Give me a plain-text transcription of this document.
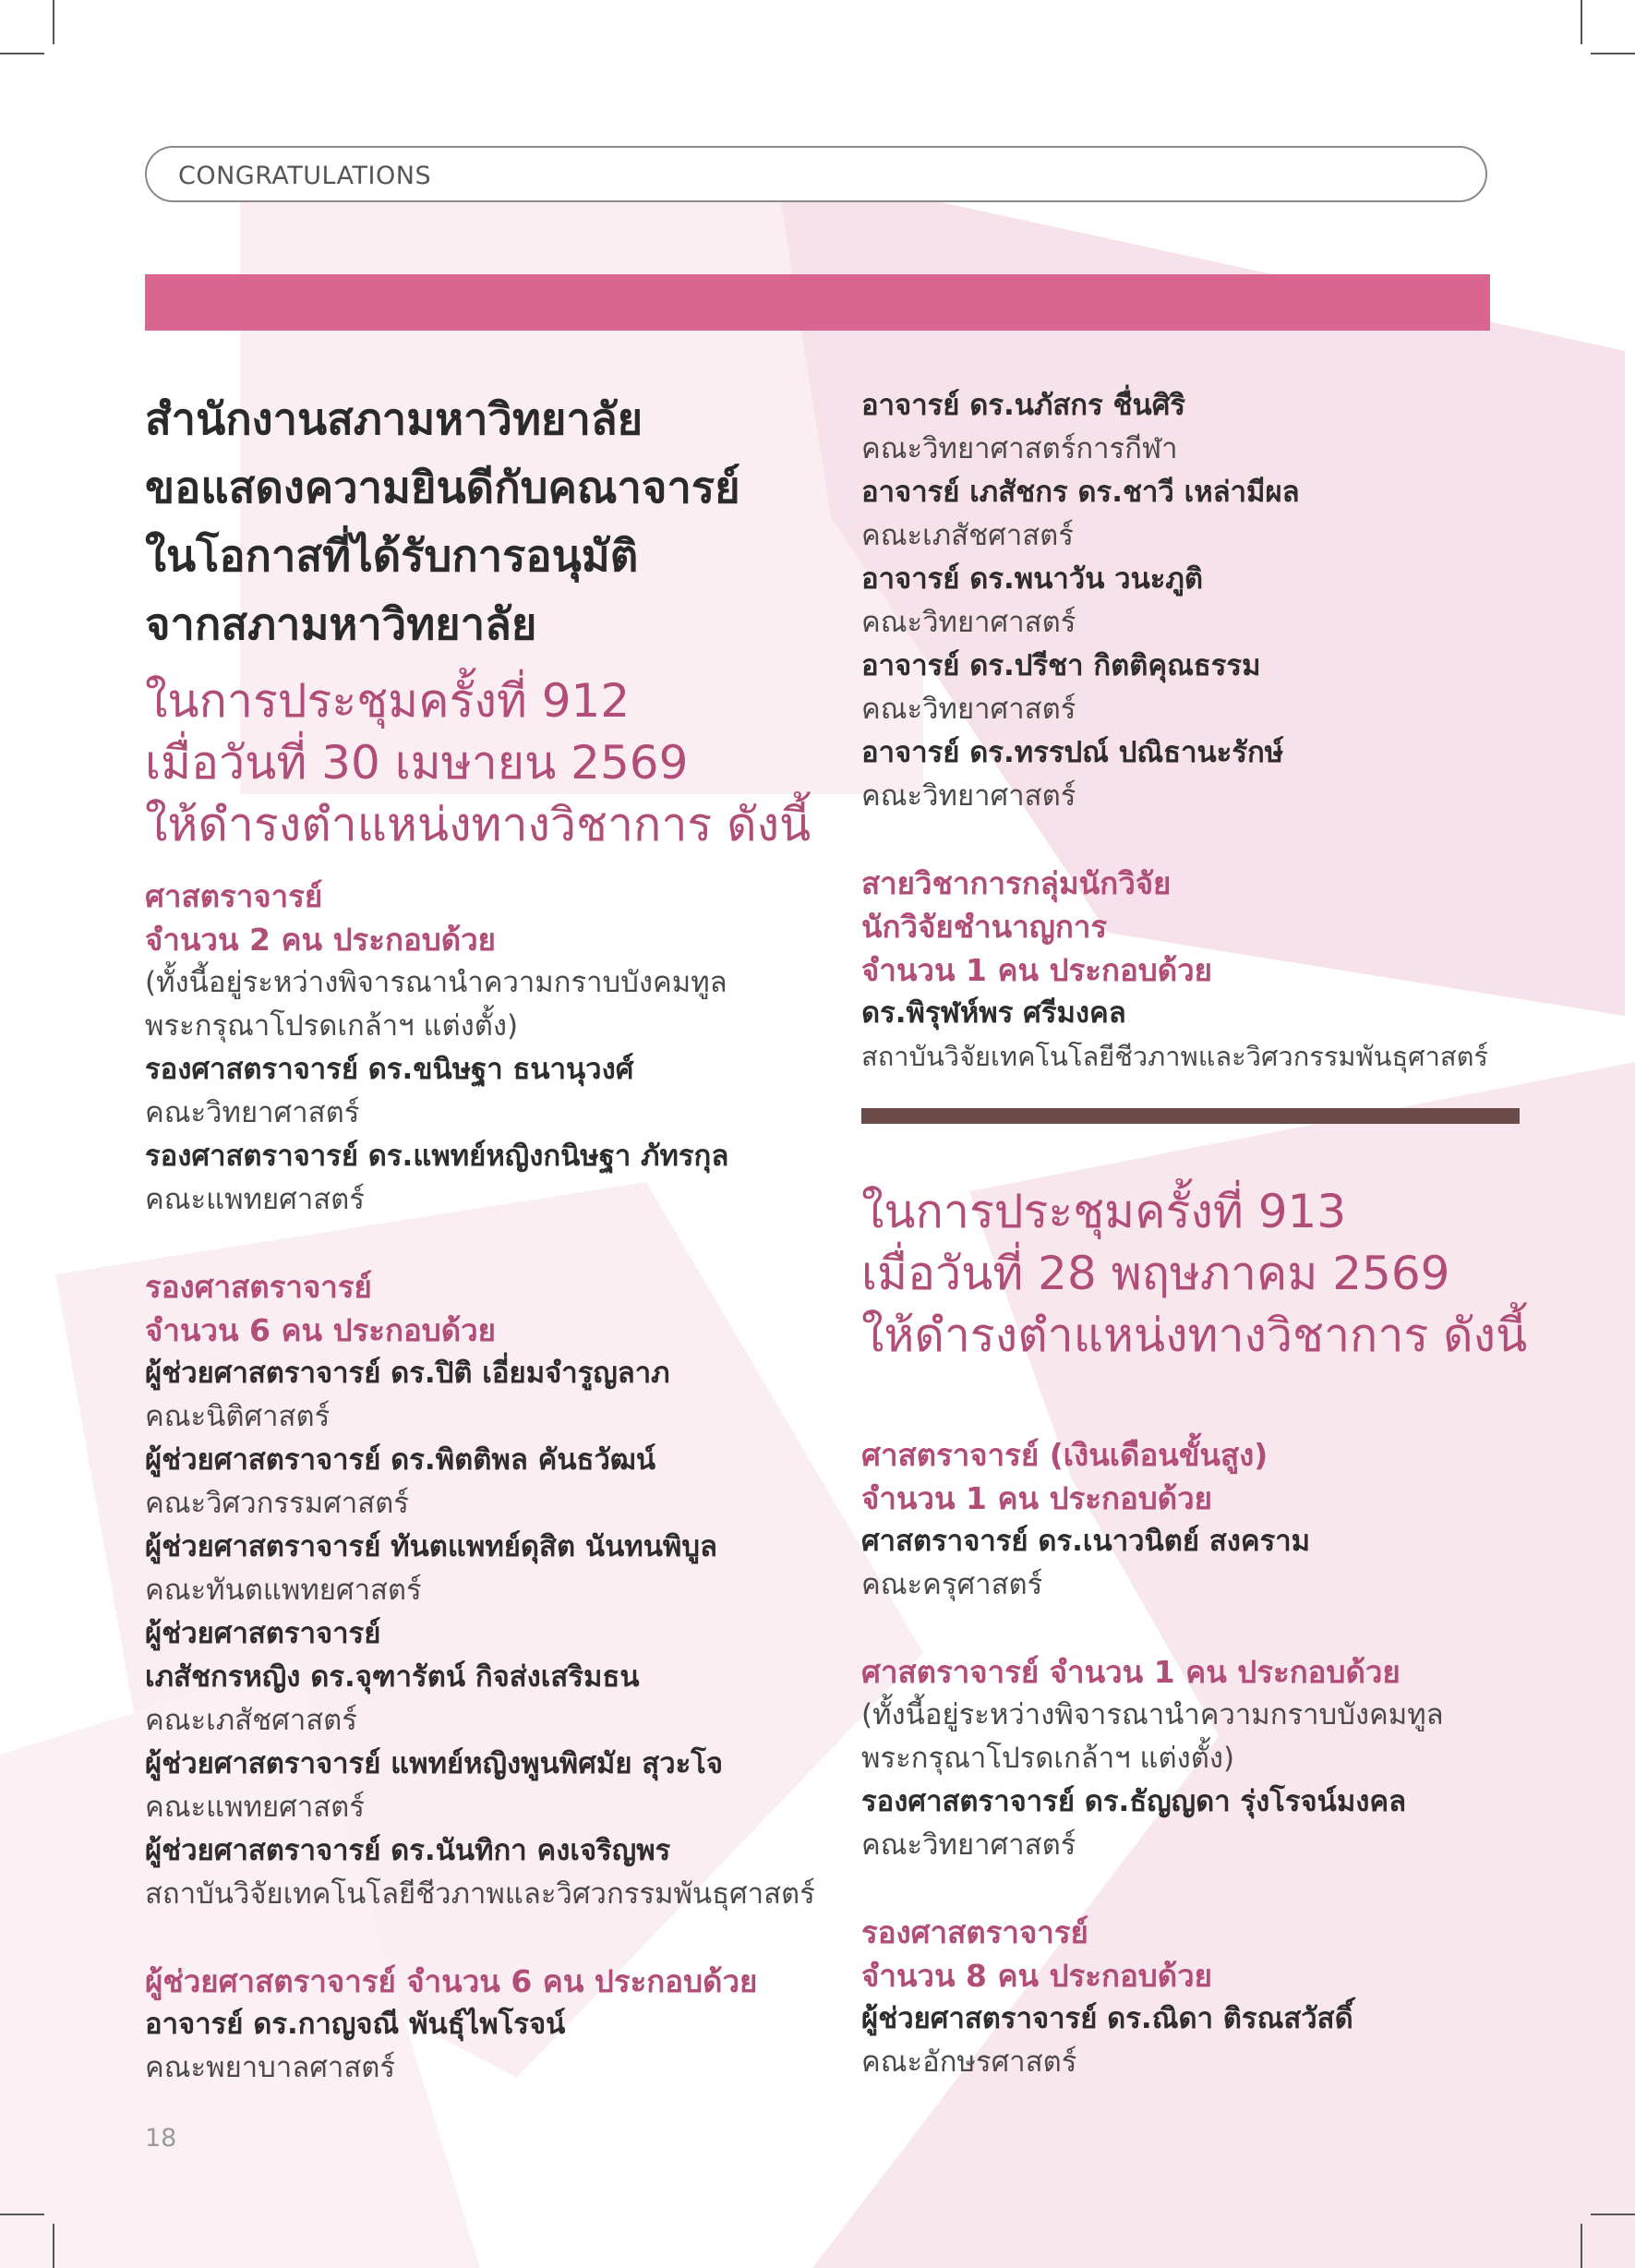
CONGRATULATIONS
สำนักงานสภามหาวิทยาลัย
ขอแสดงความยินดีกับคณาจารย์
ในโอกาสที่ได้รับการอนุมัติ
จากสภามหาวิทยาลัย
ในการประชุมครั้งที่ 912
เมื่อวันที่ 30 เมษายน 2569
ให้ดำรงตำแหน่งทางวิชาการ ดังนี้
ศาสตราจารย์
จำนวน 2 คน ประกอบด้วย
(ทั้งนี้อยู่ระหว่างพิจารณานำความกราบบังคมทูล
พระกรุณาโปรดเกล้าฯ แต่งตั้ง)
รองศาสตราจารย์ ดร.ขนิษฐา ธนานุวงศ์
คณะวิทยาศาสตร์
รองศาสตราจารย์ ดร.แพทย์หญิงกนิษฐา ภัทรกุล
คณะแพทยศาสตร์
รองศาสตราจารย์
จำนวน 6 คน ประกอบด้วย
ผู้ช่วยศาสตราจารย์ ดร.ปิติ เอี่ยมจำรูญลาภ
คณะนิติศาสตร์
ผู้ช่วยศาสตราจารย์ ดร.พิตติพล คันธวัฒน์
คณะวิศวกรรมศาสตร์
ผู้ช่วยศาสตราจารย์ ทันตแพทย์ดุสิต นันทนพิบูล
คณะทันตแพทยศาสตร์
ผู้ช่วยศาสตราจารย์
เภสัชกรหญิง ดร.จุฑารัตน์ กิจส่งเสริมธน
คณะเภสัชศาสตร์
ผู้ช่วยศาสตราจารย์ แพทย์หญิงพูนพิศมัย สุวะโจ
คณะแพทยศาสตร์
ผู้ช่วยศาสตราจารย์ ดร.นันทิกา คงเจริญพร
สถาบันวิจัยเทคโนโลยีชีวภาพและวิศวกรรมพันธุศาสตร์
ผู้ช่วยศาสตราจารย์ จำนวน 6 คน ประกอบด้วย
อาจารย์ ดร.กาญจณี พันธุ์ไพโรจน์
คณะพยาบาลศาสตร์
อาจารย์ ดร.นภัสกร ชื่นศิริ
คณะวิทยาศาสตร์การกีฬา
อาจารย์ เภสัชกร ดร.ชาวี เหล่ามีผล
คณะเภสัชศาสตร์
อาจารย์ ดร.พนาวัน วนะภูติ
คณะวิทยาศาสตร์
อาจารย์ ดร.ปรีชา กิตติคุณธรรม
คณะวิทยาศาสตร์
อาจารย์ ดร.ทรรปณ์ ปณิธานะรักษ์
คณะวิทยาศาสตร์
สายวิชาการกลุ่มนักวิจัย
นักวิจัยชำนาญการ
จำนวน 1 คน ประกอบด้วย
ดร.พิรุฬห์พร ศรีมงคล
สถาบันวิจัยเทคโนโลยีชีวภาพและวิศวกรรมพันธุศาสตร์
ในการประชุมครั้งที่ 913
เมื่อวันที่ 28 พฤษภาคม 2569
ให้ดำรงตำแหน่งทางวิชาการ ดังนี้
ศาสตราจารย์ (เงินเดือนขั้นสูง)
จำนวน 1 คน ประกอบด้วย
ศาสตราจารย์ ดร.เนาวนิตย์ สงคราม
คณะครุศาสตร์
ศาสตราจารย์ จำนวน 1 คน ประกอบด้วย
(ทั้งนี้อยู่ระหว่างพิจารณานำความกราบบังคมทูล
พระกรุณาโปรดเกล้าฯ แต่งตั้ง)
รองศาสตราจารย์ ดร.ธัญญดา รุ่งโรจน์มงคล
คณะวิทยาศาสตร์
รองศาสตราจารย์
จำนวน 8 คน ประกอบด้วย
ผู้ช่วยศาสตราจารย์ ดร.ณิดา ติรณสวัสดิ์
คณะอักษรศาสตร์
18
